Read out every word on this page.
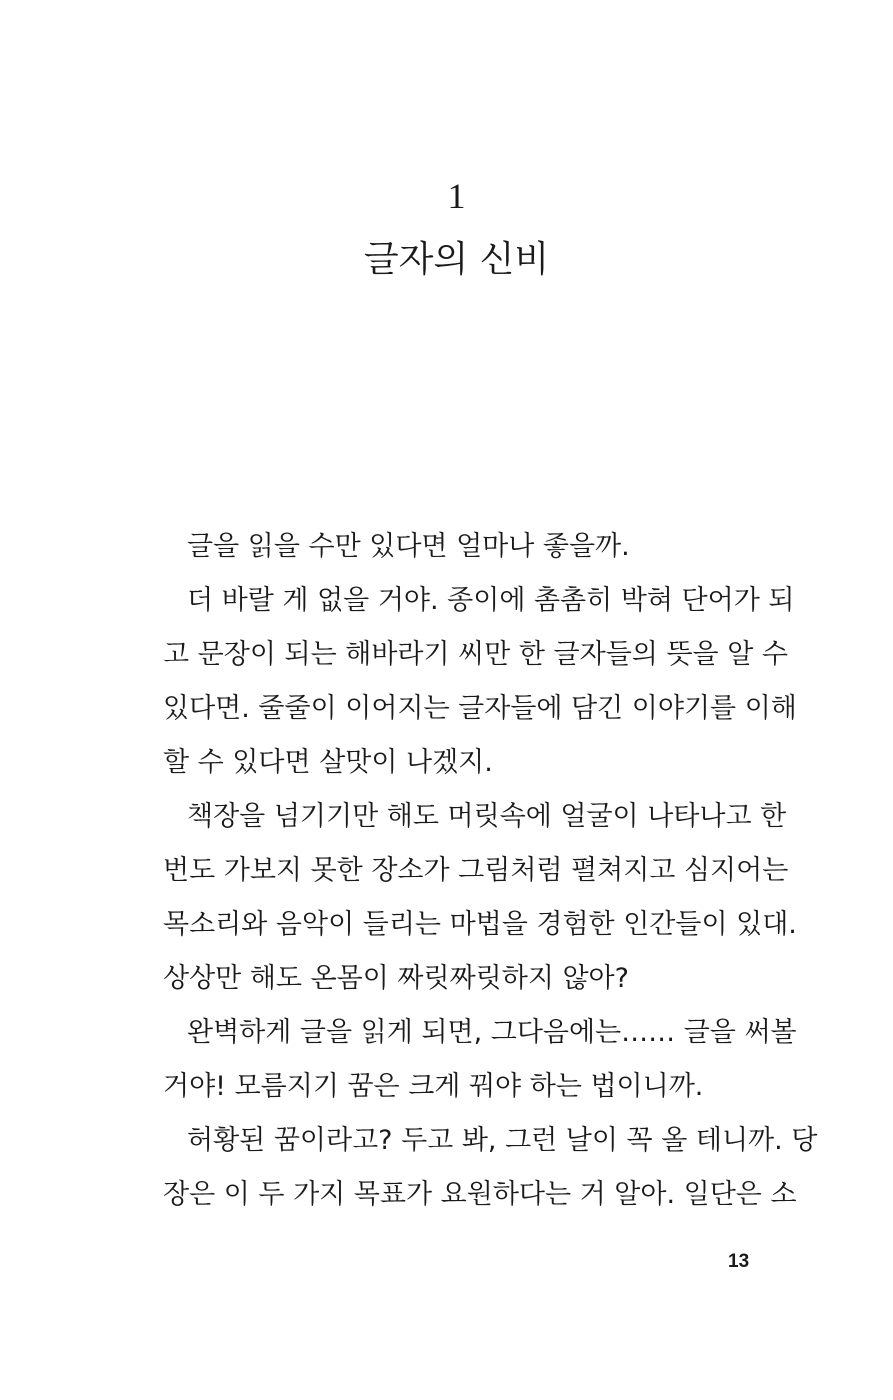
1
글자의 신비
글을 읽을 수만 있다면 얼마나 좋을까.
더 바랄 게 없을 거야. 종이에 촘촘히 박혀 단어가 되
고 문장이 되는 해바라기 씨만 한 글자들의 뜻을 알 수
있다면. 줄줄이 이어지는 글자들에 담긴 이야기를 이해
할 수 있다면 살맛이 나겠지.
책장을 넘기기만 해도 머릿속에 얼굴이 나타나고 한
번도 가보지 못한 장소가 그림처럼 펼쳐지고 심지어는
목소리와 음악이 들리는 마법을 경험한 인간들이 있대.
상상만 해도 온몸이 짜릿짜릿하지 않아?
완벽하게 글을 읽게 되면, 그다음에는…… 글을 써볼
거야! 모름지기 꿈은 크게 꿔야 하는 법이니까.
허황된 꿈이라고? 두고 봐, 그런 날이 꼭 올 테니까. 당
장은 이 두 가지 목표가 요원하다는 거 알아. 일단은 소
13
